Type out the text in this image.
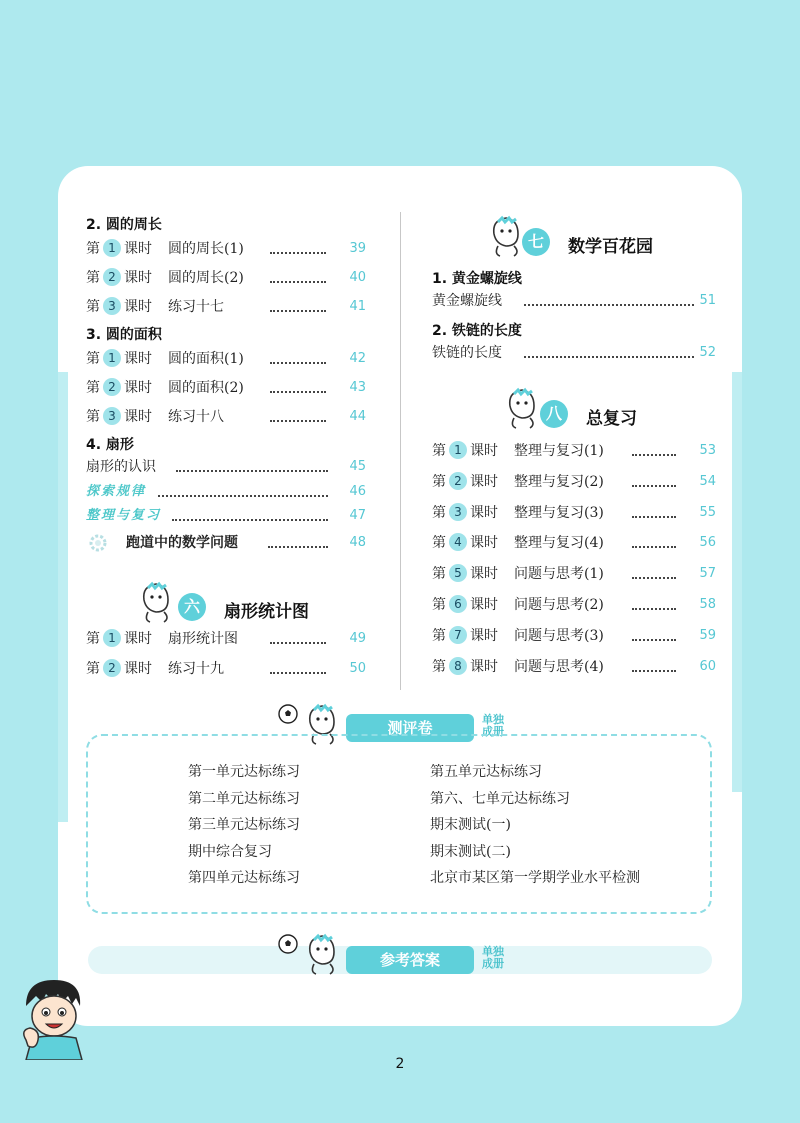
2. 圆的周长
第 1 课时 圆的周长(1)	39
第 2 课时 圆的周长(2)	40
第 3 课时 练习十七	41
3. 圆的面积
第 1 课时 圆的面积(1)	42
第 2 课时 圆的面积(2)	43
第 3 课时 练习十八	44
4. 扇形
扇形的认识	45
探索规律	46
整理与复习	47
跑道中的数学问题	48
六	扇形统计图
第 1 课时 扇形统计图	49
第 2 课时 练习十九	50
七	数学百花园
1. 黄金螺旋线
黄金螺旋线	51
2. 铁链的长度
铁链的长度	52
八	总复习
第 1 课时 整理与复习(1)	53
第 2 课时 整理与复习(2)	54
第 3 课时 整理与复习(3)	55
第 4 课时 整理与复习(4)	56
第 5 课时 问题与思考(1)	57
第 6 课时 问题与思考(2)	58
第 7 课时 问题与思考(3)	59
第 8 课时 问题与思考(4)	60
测评卷	单独
成册
第一单元达标练习
第二单元达标练习
第三单元达标练习
期中综合复习
第四单元达标练习
第五单元达标练习
第六、七单元达标练习
期末测试(一)
期末测试(二)
北京市某区第一学期学业水平检测
参考答案	单独
成册
2
